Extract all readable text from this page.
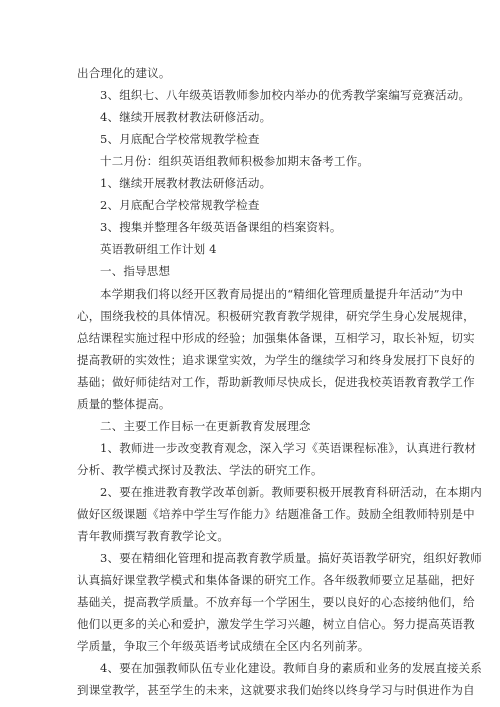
出合理化的建议。
3、组织七、八年级英语教师参加校内举办的优秀教学案编写竞赛活动。
4、继续开展教材教法研修活动。
5、月底配合学校常规教学检查
十二月份：组织英语组教师积极参加期末备考工作。
1、继续开展教材教法研修活动。
2、月底配合学校常规教学检查
3、搜集并整理各年级英语备课组的档案资料。
英语教研组工作计划 4
一、指导思想
本学期我们将以经开区教育局提出的“精细化管理质量提升年活动”为中
心，围绕我校的具体情况。积极研究教育教学规律，研究学生身心发展规律，
总结课程实施过程中形成的经验；加强集体备课，互相学习，取长补短，切实
提高教研的实效性；追求课堂实效，为学生的继续学习和终身发展打下良好的
基础；做好师徒结对工作，帮助新教师尽快成长，促进我校英语教育教学工作
质量的整体提高。
二、主要工作目标一在更新教育发展理念
1、教师进一步改变教育观念，深入学习《英语课程标准》，认真进行教材
分析、教学模式探讨及教法、学法的研究工作。
2、要在推进教育教学改革创新。教师要积极开展教育科研活动，在本期内
做好区级课题《培养中学生写作能力》结题准备工作。鼓励全组教师特别是中
青年教师撰写教育教学论文。
3、要在精细化管理和提高教育教学质量。搞好英语教学研究，组织好教师
认真搞好课堂教学模式和集体备课的研究工作。各年级教师要立足基础，把好
基础关，提高教学质量。不放弃每一个学困生，要以良好的心态接纳他们，给
他们以更多的关心和爱护，激发学生学习兴趣，树立自信心。努力提高英语教
学质量，争取三个年级英语考试成绩在全区内名列前茅。
4、要在加强教师队伍专业化建设。教师自身的素质和业务的发展直接关系
到课堂教学，甚至学生的未来，这就要求我们始终以终身学习与时俱进作为自
